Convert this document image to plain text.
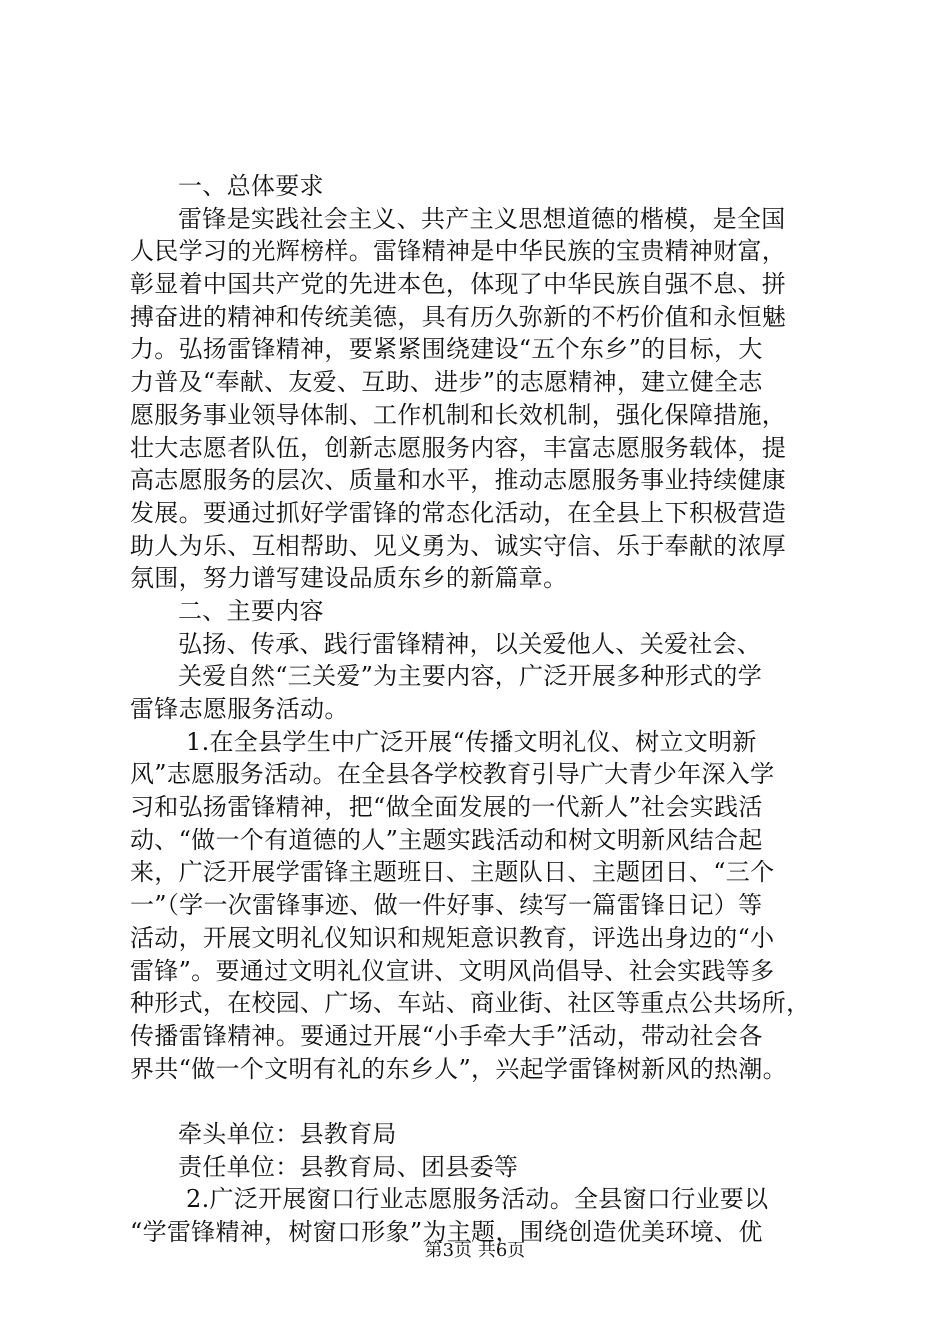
一、总体要求
雷锋是实践社会主义、共产主义思想道德的楷模，是全国
人民学习的光辉榜样。雷锋精神是中华民族的宝贵精神财富，
彰显着中国共产党的先进本色，体现了中华民族自强不息、拼
搏奋进的精神和传统美德，具有历久弥新的不朽价值和永恒魅
力。弘扬雷锋精神，要紧紧围绕建设“五个东乡”的目标，大
力普及“奉献、友爱、互助、进步”的志愿精神，建立健全志
愿服务事业领导体制、工作机制和长效机制，强化保障措施，
壮大志愿者队伍，创新志愿服务内容，丰富志愿服务载体，提
高志愿服务的层次、质量和水平，推动志愿服务事业持续健康
发展。要通过抓好学雷锋的常态化活动，在全县上下积极营造
助人为乐、互相帮助、见义勇为、诚实守信、乐于奉献的浓厚
氛围，努力谱写建设品质东乡的新篇章。
二、主要内容
弘扬、传承、践行雷锋精神，以关爱他人、关爱社会、
关爱自然“三关爱”为主要内容，广泛开展多种形式的学
雷锋志愿服务活动。
1.在全县学生中广泛开展“传播文明礼仪、树立文明新
风”志愿服务活动。在全县各学校教育引导广大青少年深入学
习和弘扬雷锋精神，把“做全面发展的一代新人”社会实践活
动、“做一个有道德的人”主题实践活动和树文明新风结合起
来，广泛开展学雷锋主题班日、主题队日、主题团日、“三个
一”（学一次雷锋事迹、做一件好事、续写一篇雷锋日记）等
活动，开展文明礼仪知识和规矩意识教育，评选出身边的“小
雷锋”。要通过文明礼仪宣讲、文明风尚倡导、社会实践等多
种形式，在校园、广场、车站、商业街、社区等重点公共场所，
传播雷锋精神。要通过开展“小手牵大手”活动，带动社会各
界共“做一个文明有礼的东乡人”，兴起学雷锋树新风的热潮。
牵头单位：县教育局
责任单位：县教育局、团县委等
2.广泛开展窗口行业志愿服务活动。全县窗口行业要以
“学雷锋精神，树窗口形象”为主题，围绕创造优美环境、优
第3页 共6页
